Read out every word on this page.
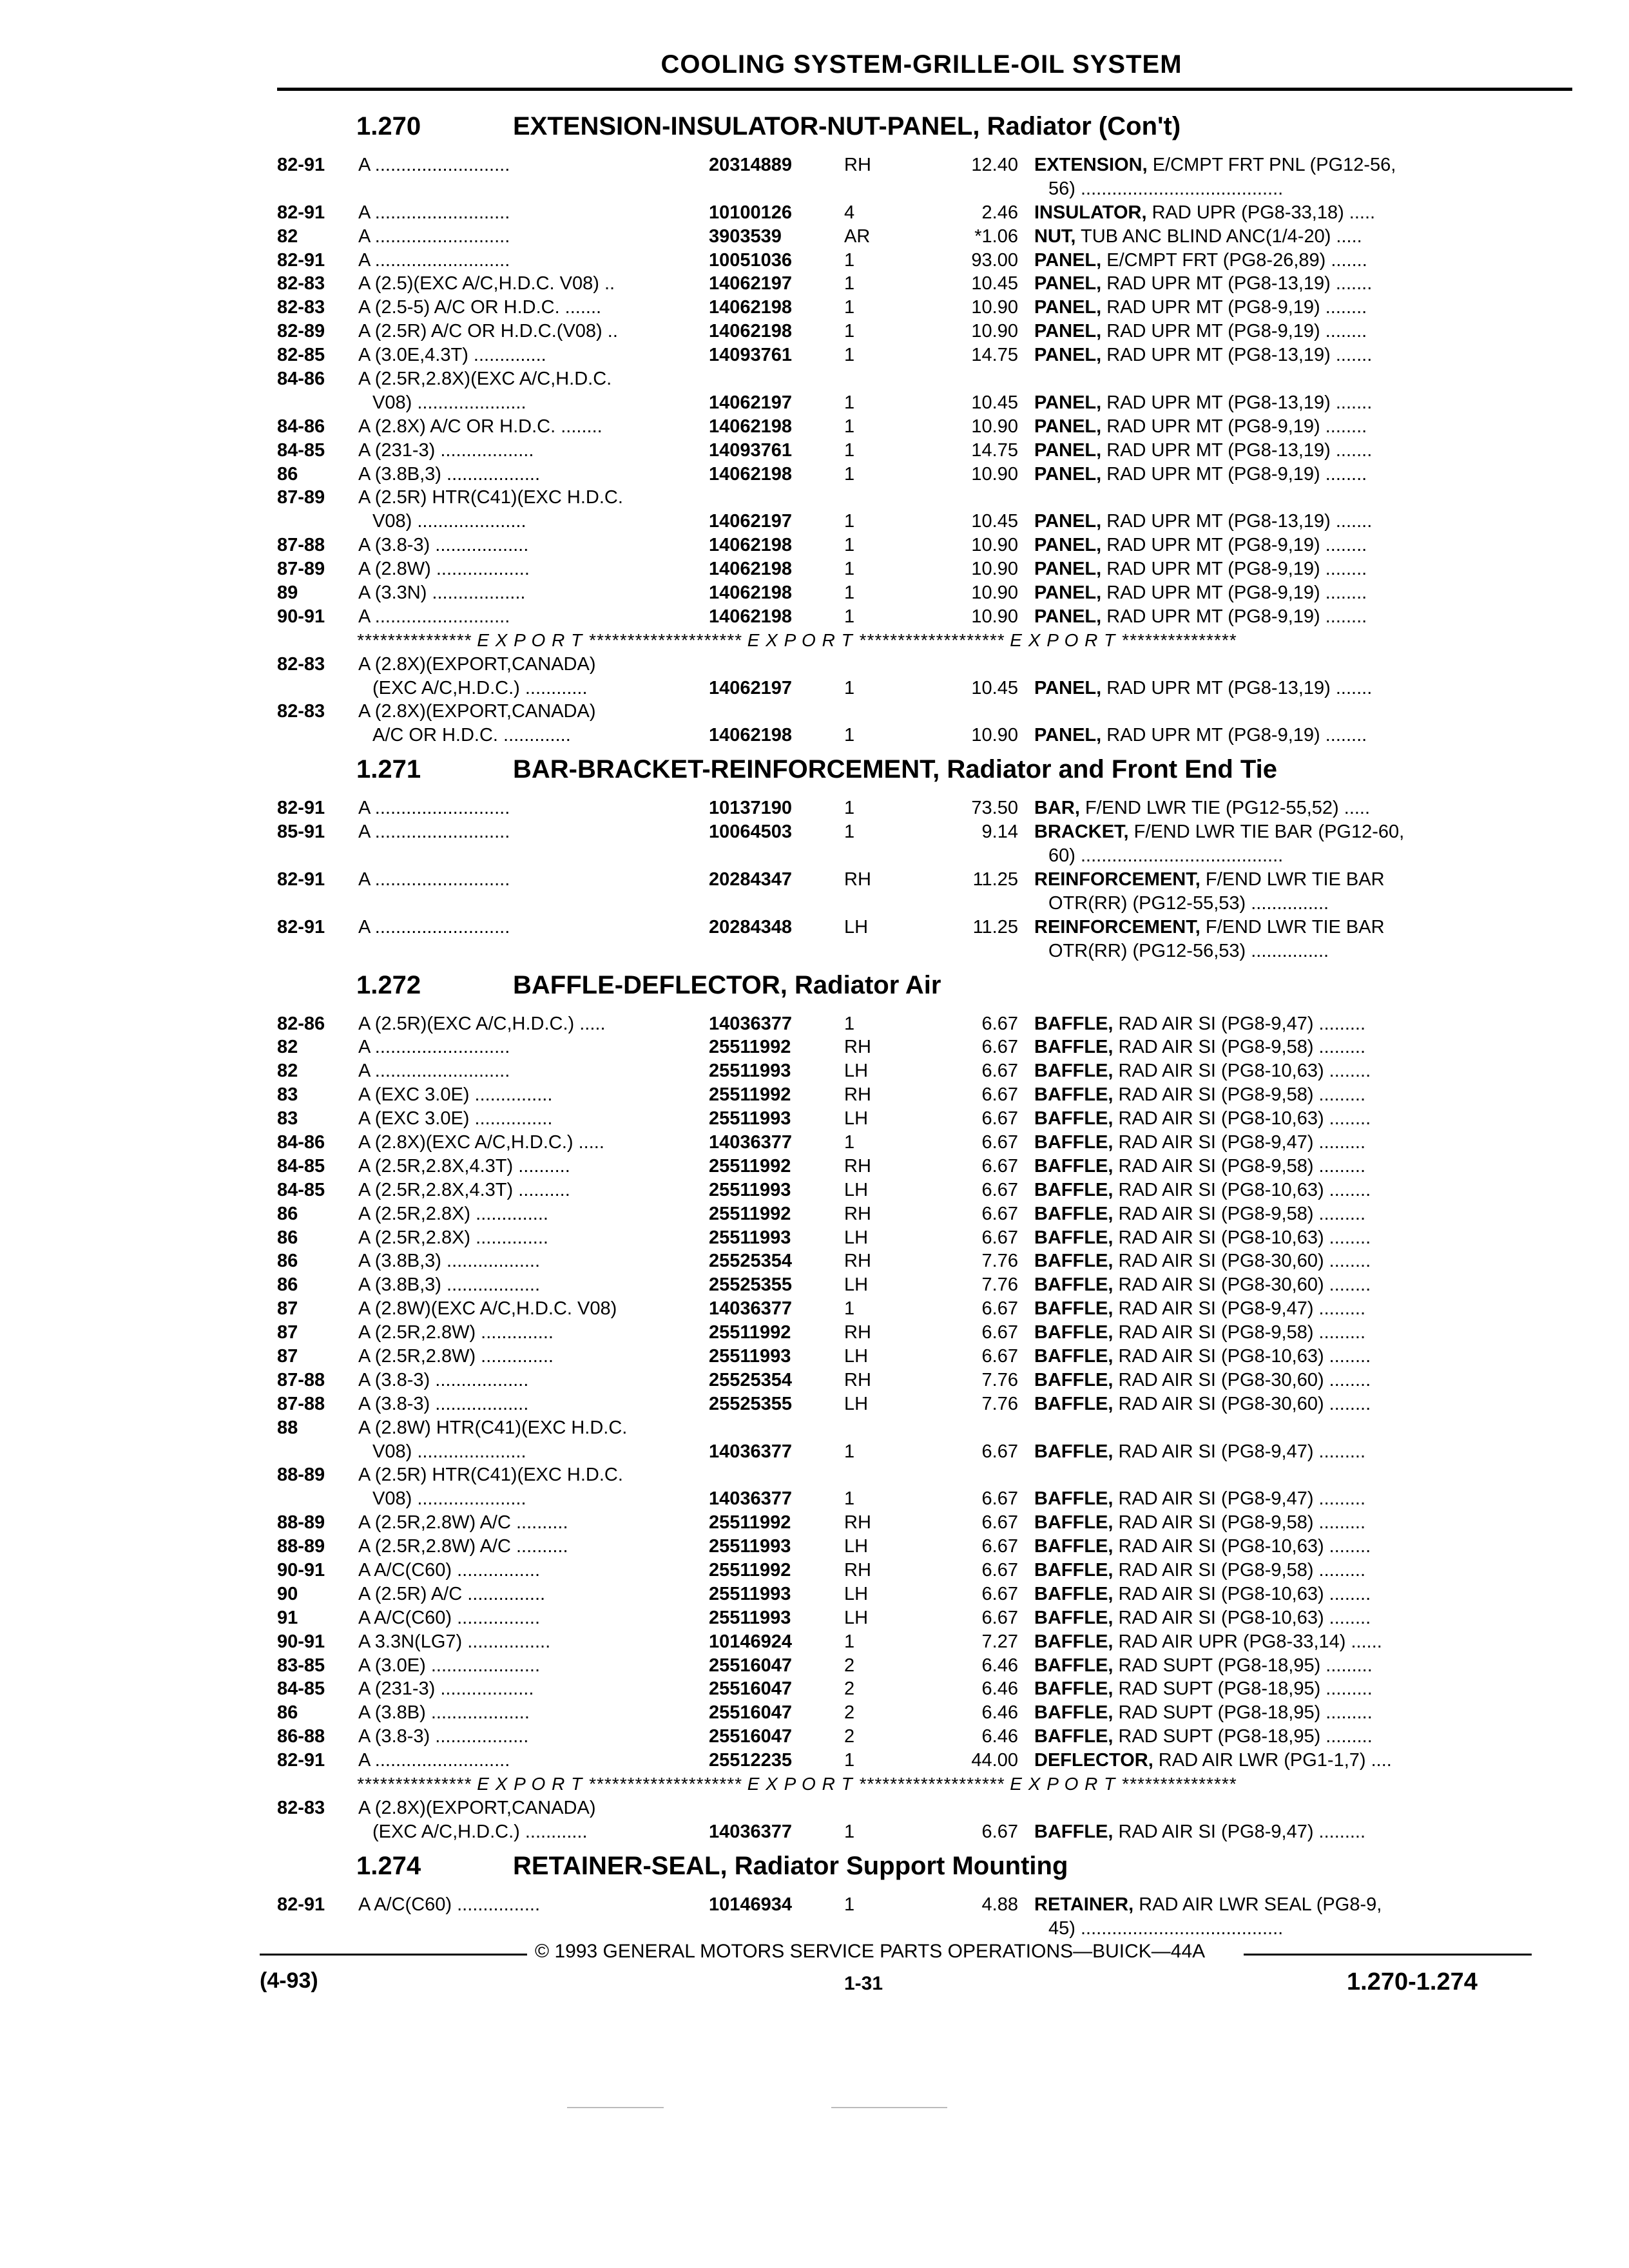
COOLING SYSTEM-GRILLE-OIL SYSTEM
1.270	EXTENSION-INSULATOR-NUT-PANEL, Radiator (Con't)
82-91 A ..........................	20314889	RH	12.40 EXTENSION, E/CMPT FRT PNL (PG12-56,
56) .......................................
82-91 A ..........................	10100126	4	2.46 INSULATOR, RAD UPR (PG8-33,18) .....
82	A ..........................	3903539	AR	*1.06 NUT, TUB ANC BLIND ANC(1/4-20) .....
82-91 A ..........................	10051036	1	93.00 PANEL, E/CMPT FRT (PG8-26,89) .......
82-83 A (2.5)(EXC A/C,H.D.C. V08) ..	14062197	1	10.45 PANEL, RAD UPR MT (PG8-13,19) .......
82-83 A (2.5-5) A/C OR H.D.C. .......	14062198	1	10.90 PANEL, RAD UPR MT (PG8-9,19) ........
82-89 A (2.5R) A/C OR H.D.C.(V08) ..	14062198	1	10.90 PANEL, RAD UPR MT (PG8-9,19) ........
82-85 A (3.0E,4.3T) ..............	14093761	1	14.75 PANEL, RAD UPR MT (PG8-13,19) .......
84-86 A (2.5R,2.8X)(EXC A/C,H.D.C.
V08) .....................	14062197	1	10.45 PANEL, RAD UPR MT (PG8-13,19) .......
84-86 A (2.8X) A/C OR H.D.C. ........	14062198	1	10.90 PANEL, RAD UPR MT (PG8-9,19) ........
84-85 A (231-3) ..................	14093761	1	14.75 PANEL, RAD UPR MT (PG8-13,19) .......
86	A (3.8B,3) ..................	14062198	1	10.90 PANEL, RAD UPR MT (PG8-9,19) ........
87-89 A (2.5R) HTR(C41)(EXC H.D.C.
V08) .....................	14062197	1	10.45 PANEL, RAD UPR MT (PG8-13,19) .......
87-88 A (3.8-3) ..................	14062198	1	10.90 PANEL, RAD UPR MT (PG8-9,19) ........
87-89 A (2.8W) ..................	14062198	1	10.90 PANEL, RAD UPR MT (PG8-9,19) ........
89	A (3.3N) ..................	14062198	1	10.90 PANEL, RAD UPR MT (PG8-9,19) ........
90-91 A ..........................	14062198	1	10.90 PANEL, RAD UPR MT (PG8-9,19) ........
*************** E X P O R T ******************** E X P O R T ******************* E X P O R T ***************
82-83 A (2.8X)(EXPORT,CANADA)
(EXC A/C,H.D.C.) ............	14062197	1	10.45 PANEL, RAD UPR MT (PG8-13,19) .......
82-83 A (2.8X)(EXPORT,CANADA)
A/C OR H.D.C. .............	14062198	1	10.90 PANEL, RAD UPR MT (PG8-9,19) ........
1.271	BAR-BRACKET-REINFORCEMENT, Radiator and Front End Tie
82-91 A ..........................	10137190	1	73.50 BAR, F/END LWR TIE (PG12-55,52) .....
85-91 A ..........................	10064503	1	9.14 BRACKET, F/END LWR TIE BAR (PG12-60,
60) .......................................
82-91 A ..........................	20284347	RH	11.25 REINFORCEMENT, F/END LWR TIE BAR
OTR(RR) (PG12-55,53) ...............
82-91 A ..........................	20284348	LH	11.25 REINFORCEMENT, F/END LWR TIE BAR
OTR(RR) (PG12-56,53) ...............
1.272	BAFFLE-DEFLECTOR, Radiator Air
82-86 A (2.5R)(EXC A/C,H.D.C.) .....	14036377	1	6.67 BAFFLE, RAD AIR SI (PG8-9,47) .........
82	A ..........................	25511992	RH	6.67 BAFFLE, RAD AIR SI (PG8-9,58) .........
82	A ..........................	25511993	LH	6.67 BAFFLE, RAD AIR SI (PG8-10,63) ........
83	A (EXC 3.0E) ...............	25511992	RH	6.67 BAFFLE, RAD AIR SI (PG8-9,58) .........
83	A (EXC 3.0E) ...............	25511993	LH	6.67 BAFFLE, RAD AIR SI (PG8-10,63) ........
84-86 A (2.8X)(EXC A/C,H.D.C.) .....	14036377	1	6.67 BAFFLE, RAD AIR SI (PG8-9,47) .........
84-85 A (2.5R,2.8X,4.3T) ..........	25511992	RH	6.67 BAFFLE, RAD AIR SI (PG8-9,58) .........
84-85 A (2.5R,2.8X,4.3T) ..........	25511993	LH	6.67 BAFFLE, RAD AIR SI (PG8-10,63) ........
86	A (2.5R,2.8X) ..............	25511992	RH	6.67 BAFFLE, RAD AIR SI (PG8-9,58) .........
86	A (2.5R,2.8X) ..............	25511993	LH	6.67 BAFFLE, RAD AIR SI (PG8-10,63) ........
86	A (3.8B,3) ..................	25525354	RH	7.76 BAFFLE, RAD AIR SI (PG8-30,60) ........
86	A (3.8B,3) ..................	25525355	LH	7.76 BAFFLE, RAD AIR SI (PG8-30,60) ........
87	A (2.8W)(EXC A/C,H.D.C. V08)	14036377	1	6.67 BAFFLE, RAD AIR SI (PG8-9,47) .........
87	A (2.5R,2.8W) ..............	25511992	RH	6.67 BAFFLE, RAD AIR SI (PG8-9,58) .........
87	A (2.5R,2.8W) ..............	25511993	LH	6.67 BAFFLE, RAD AIR SI (PG8-10,63) ........
87-88 A (3.8-3) ..................	25525354	RH	7.76 BAFFLE, RAD AIR SI (PG8-30,60) ........
87-88 A (3.8-3) ..................	25525355	LH	7.76 BAFFLE, RAD AIR SI (PG8-30,60) ........
88	A (2.8W) HTR(C41)(EXC H.D.C.
V08) .....................	14036377	1	6.67 BAFFLE, RAD AIR SI (PG8-9,47) .........
88-89 A (2.5R) HTR(C41)(EXC H.D.C.
V08) .....................	14036377	1	6.67 BAFFLE, RAD AIR SI (PG8-9,47) .........
88-89 A (2.5R,2.8W) A/C ..........	25511992	RH	6.67 BAFFLE, RAD AIR SI (PG8-9,58) .........
88-89 A (2.5R,2.8W) A/C ..........	25511993	LH	6.67 BAFFLE, RAD AIR SI (PG8-10,63) ........
90-91 A A/C(C60) ................	25511992	RH	6.67 BAFFLE, RAD AIR SI (PG8-9,58) .........
90	A (2.5R) A/C ...............	25511993	LH	6.67 BAFFLE, RAD AIR SI (PG8-10,63) ........
91	A A/C(C60) ................	25511993	LH	6.67 BAFFLE, RAD AIR SI (PG8-10,63) ........
90-91 A 3.3N(LG7) ................	10146924	1	7.27 BAFFLE, RAD AIR UPR (PG8-33,14) ......
83-85 A (3.0E) .....................	25516047	2	6.46 BAFFLE, RAD SUPT (PG8-18,95) .........
84-85 A (231-3) ..................	25516047	2	6.46 BAFFLE, RAD SUPT (PG8-18,95) .........
86	A (3.8B) ...................	25516047	2	6.46 BAFFLE, RAD SUPT (PG8-18,95) .........
86-88 A (3.8-3) ..................	25516047	2	6.46 BAFFLE, RAD SUPT (PG8-18,95) .........
82-91 A ..........................	25512235	1	44.00 DEFLECTOR, RAD AIR LWR (PG1-1,7) ....
*************** E X P O R T ******************** E X P O R T ******************* E X P O R T ***************
82-83 A (2.8X)(EXPORT,CANADA)
(EXC A/C,H.D.C.) ............	14036377	1	6.67 BAFFLE, RAD AIR SI (PG8-9,47) .........
1.274	RETAINER-SEAL, Radiator Support Mounting
82-91 A A/C(C60) ................	10146934	1	4.88 RETAINER, RAD AIR LWR SEAL (PG8-9,
45) .......................................
© 1993 GENERAL MOTORS SERVICE PARTS OPERATIONS—BUICK—44A
(4-93)	1-31	1.270-1.274
